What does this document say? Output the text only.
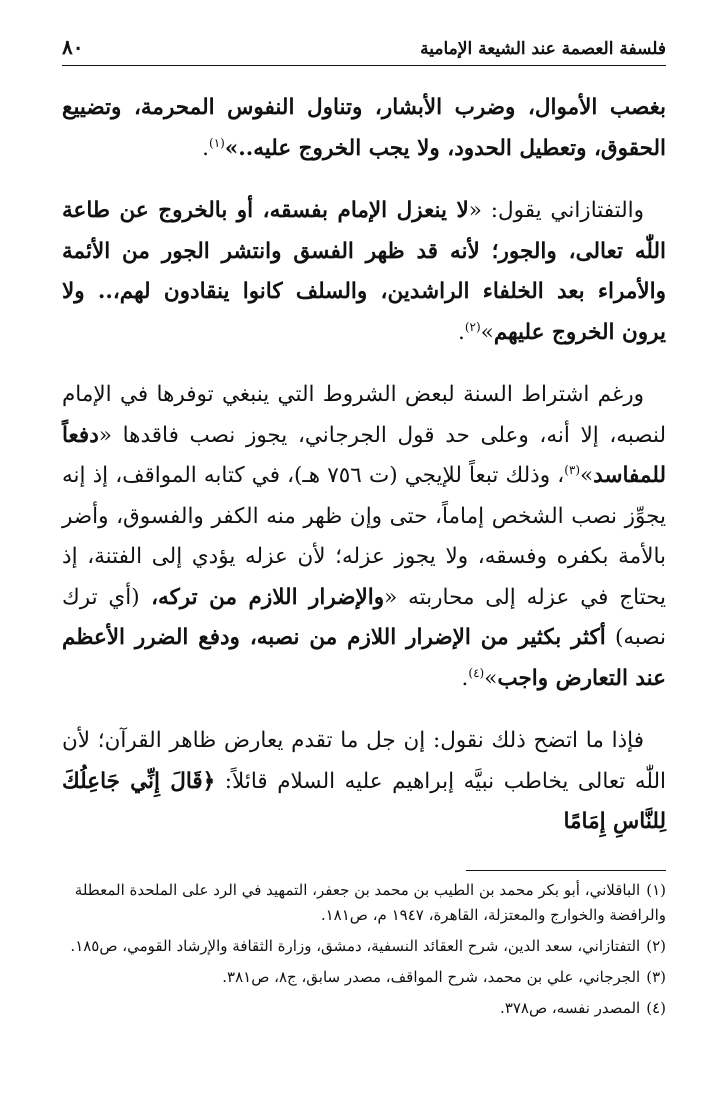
فلسفة العصمة عند الشيعة الإمامية
٨٠

بغصب الأموال، وضرب الأبشار، وتناول النفوس المحرمة، وتضييع الحقوق، وتعطيل الحدود، ولا يجب الخروج عليه..»$^{(١)}$.

والتفتازاني يقول: «لا ينعزل الإمام بفسقه، أو بالخروج عن طاعة اللّٰه تعالى، والجور؛ لأنه قد ظهر الفسق وانتشر الجور من الأئمة والأمراء بعد الخلفاء الراشدين، والسلف كانوا ينقادون لهم،.. ولا يرون الخروج عليهم»$^{(٢)}$.

ورغم اشتراط السنة لبعض الشروط التي ينبغي توفرها في الإمام لنصبه، إلا أنه، وعلى حد قول الجرجاني، يجوز نصب فاقدها «دفعاً للمفاسد»$^{(٣)}$، وذلك تبعاً للإيجي (ت ٧٥٦ هـ)، في كتابه المواقف، إذ إنه يجوِّز نصب الشخص إماماً، حتى وإن ظهر منه الكفر والفسوق، وأضر بالأمة بكفره وفسقه، ولا يجوز عزله؛ لأن عزله يؤدي إلى الفتنة، إذ يحتاج في عزله إلى محاربته «والإضرار اللازم من تركه، (أي ترك نصبه) أكثر بكثير من الإضرار اللازم من نصبه، ودفع الضرر الأعظم عند التعارض واجب»$^{(٤)}$.

فإذا ما اتضح ذلك نقول: إن جل ما تقدم يعارض ظاهر القرآن؛ لأن اللّٰه تعالى يخاطب نبيَّه إبراهيم عليه السلام قائلاً: ﴿قَالَ إِنِّي جَاعِلُكَ لِلنَّاسِ إِمَامًا

(١)الباقلاني، أبو بكر محمد بن الطيب بن محمد بن جعفر، التمهيد في الرد على الملحدة المعطلة والرافضة والخوارج والمعتزلة، القاهرة، ١٩٤٧ م، ص١٨١.
(٢)التفتازاني، سعد الدين، شرح العقائد النسفية، دمشق، وزارة الثقافة والإرشاد القومي، ص١٨٥.
(٣)الجرجاني، علي بن محمد، شرح المواقف، مصدر سابق، ج٨، ص٣٨١.
(٤)المصدر نفسه، ص٣٧٨.
